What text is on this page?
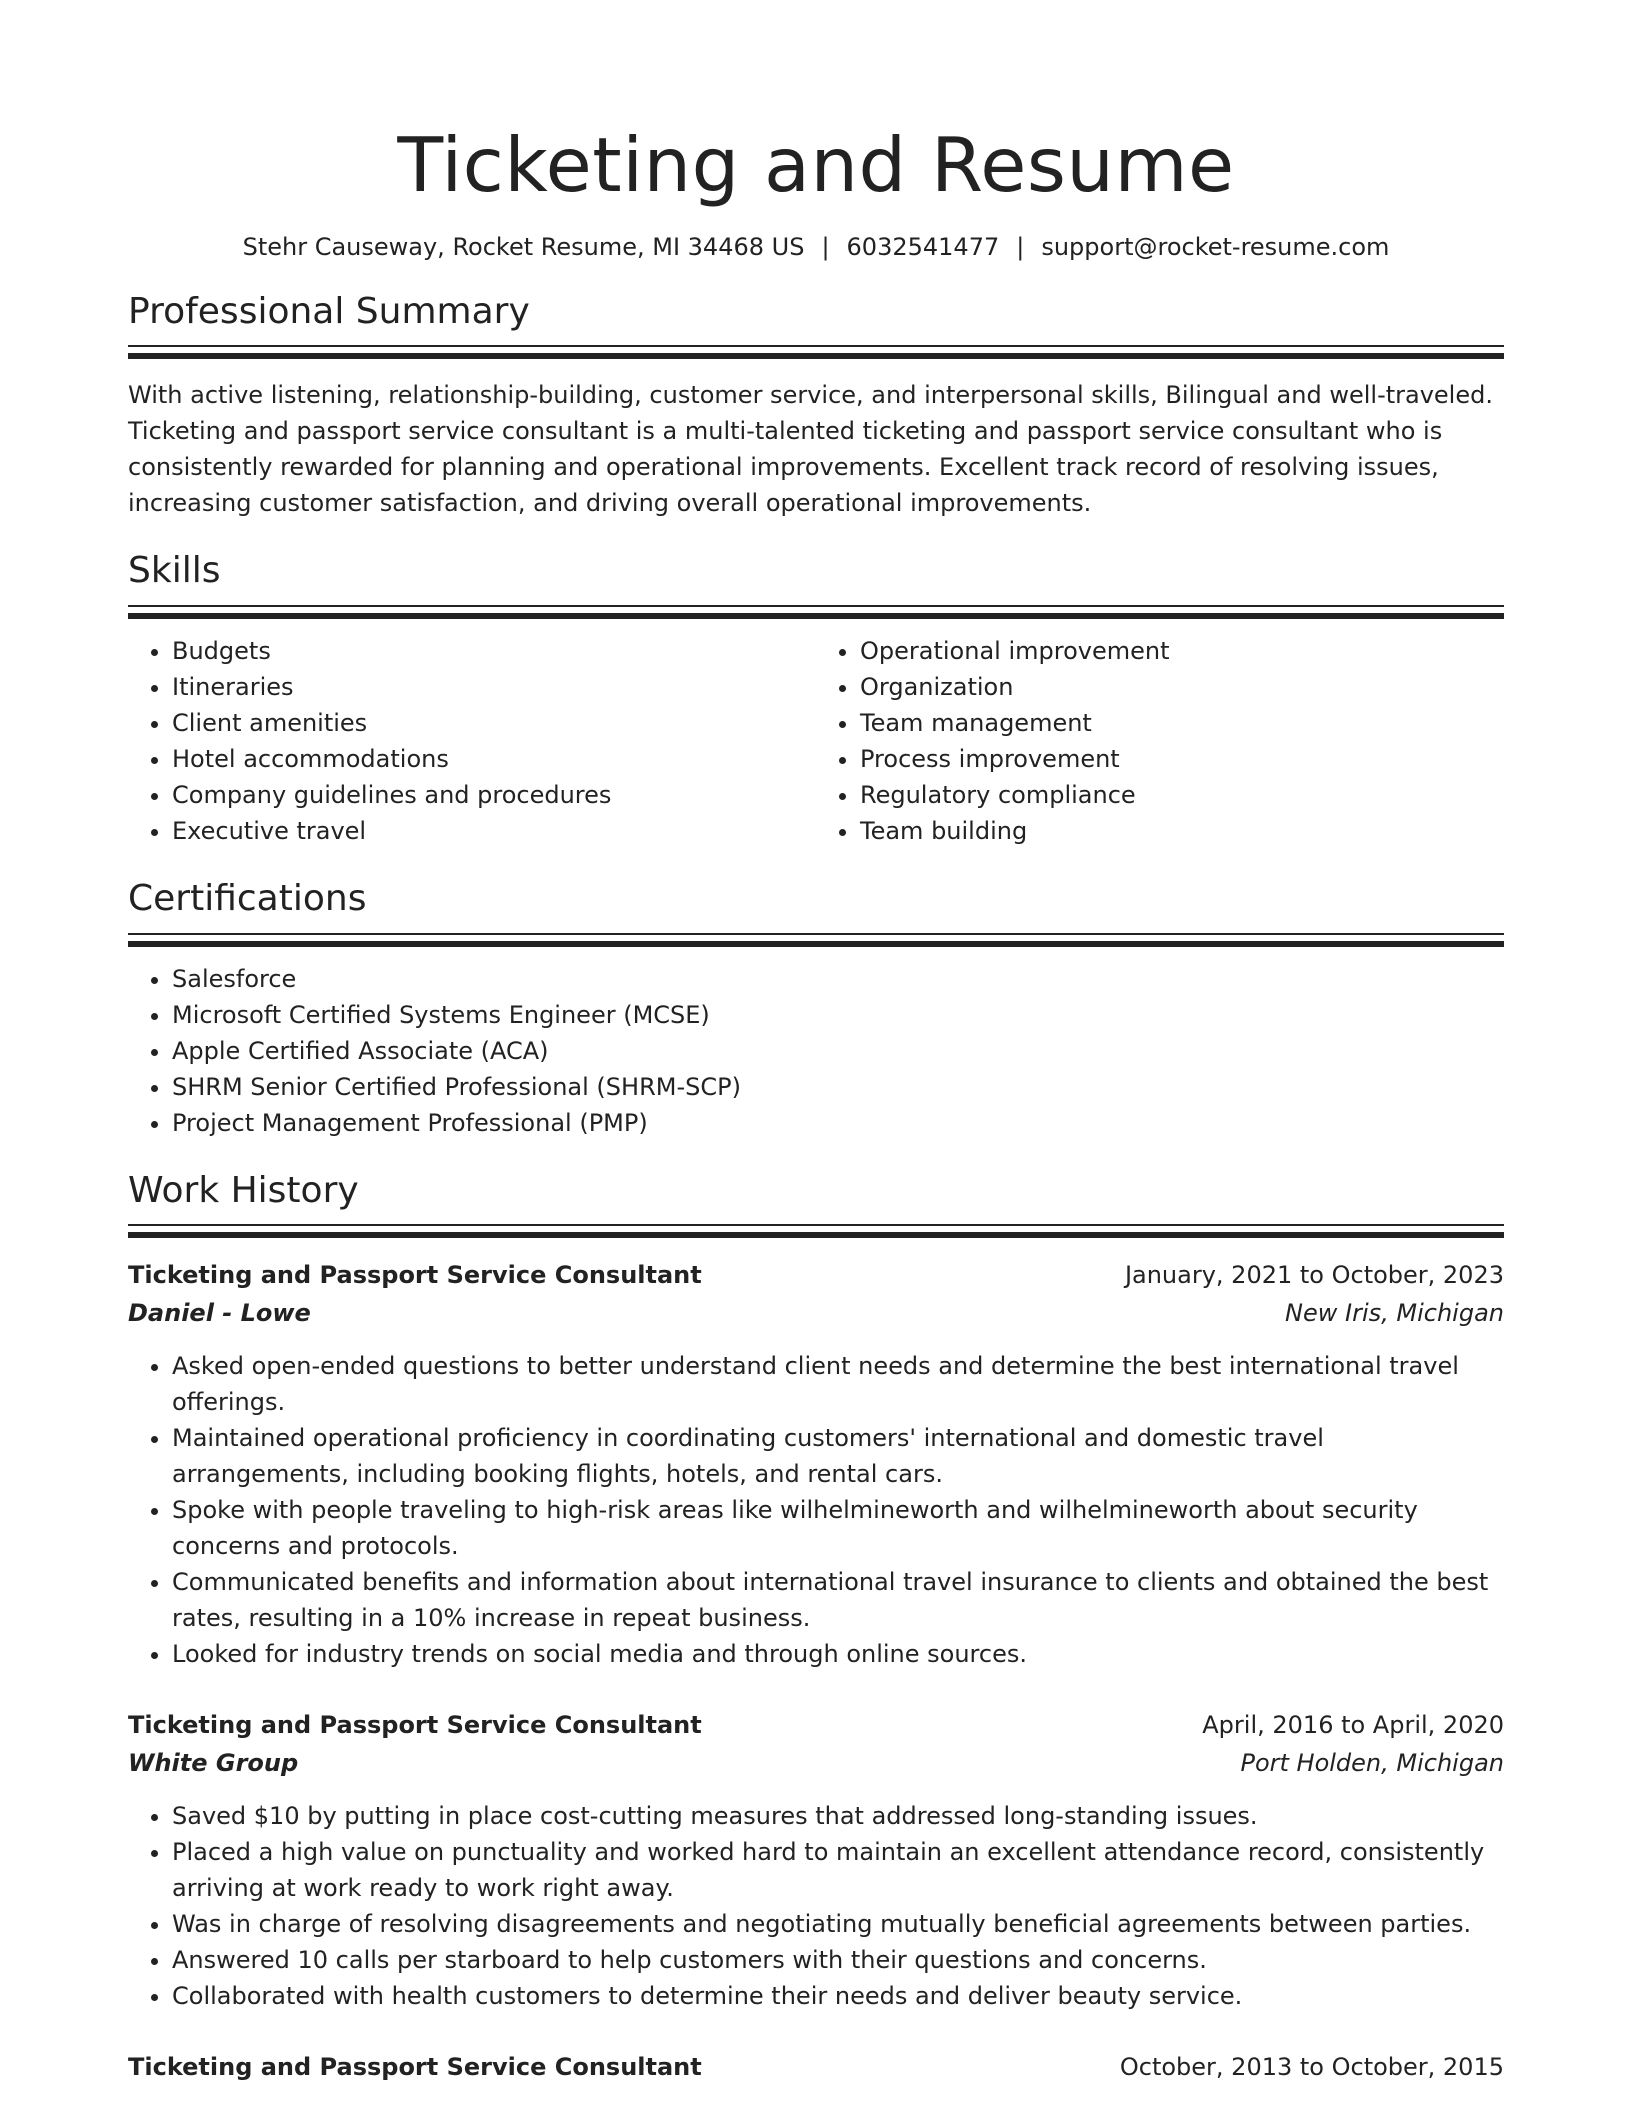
Ticketing and Resume
Stehr Causeway, Rocket Resume, MI 34468 US | 6032541477 | support@rocket-resume.com
Professional Summary
With active listening, relationship-building, customer service, and interpersonal skills, Bilingual and well-traveled. Ticketing and passport service consultant is a multi-talented ticketing and passport service consultant who is consistently rewarded for planning and operational improvements. Excellent track record of resolving issues, increasing customer satisfaction, and driving overall operational improvements.
Skills
• Budgets
• Itineraries
• Client amenities
• Hotel accommodations
• Company guidelines and procedures
• Executive travel
• Operational improvement
• Organization
• Team management
• Process improvement
• Regulatory compliance
• Team building
Certifications
• Salesforce
• Microsoft Certified Systems Engineer (MCSE)
• Apple Certified Associate (ACA)
• SHRM Senior Certified Professional (SHRM-SCP)
• Project Management Professional (PMP)
Work History
Ticketing and Passport Service Consultant	January, 2021 to October, 2023
Daniel - Lowe	New Iris, Michigan
• Asked open-ended questions to better understand client needs and determine the best international travel offerings.
• Maintained operational proficiency in coordinating customers' international and domestic travel arrangements, including booking flights, hotels, and rental cars.
• Spoke with people traveling to high-risk areas like wilhelmineworth and wilhelmineworth about security concerns and protocols.
• Communicated benefits and information about international travel insurance to clients and obtained the best rates, resulting in a 10% increase in repeat business.
• Looked for industry trends on social media and through online sources.
Ticketing and Passport Service Consultant	April, 2016 to April, 2020
White Group	Port Holden, Michigan
• Saved $10 by putting in place cost-cutting measures that addressed long-standing issues.
• Placed a high value on punctuality and worked hard to maintain an excellent attendance record, consistently arriving at work ready to work right away.
• Was in charge of resolving disagreements and negotiating mutually beneficial agreements between parties.
• Answered 10 calls per starboard to help customers with their questions and concerns.
• Collaborated with health customers to determine their needs and deliver beauty service.
Ticketing and Passport Service Consultant	October, 2013 to October, 2015
